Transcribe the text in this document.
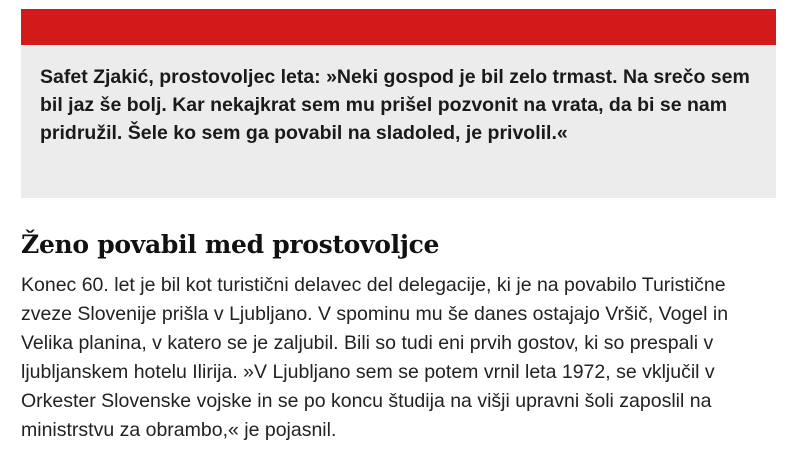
Safet Zjakić, prostovoljec leta: »Neki gospod je bil zelo trmast. Na srečo sem bil jaz še bolj. Kar nekajkrat sem mu prišel pozvonit na vrata, da bi se nam pridružil. Šele ko sem ga povabil na sladoled, je privolil.«

Ženo povabil med prostovoljce

Konec 60. let je bil kot turistični delavec del delegacije, ki je na povabilo Turistične zveze Slovenije prišla v Ljubljano. V spominu mu še danes ostajajo Vršič, Vogel in Velika planina, v katero se je zaljubil. Bili so tudi eni prvih gostov, ki so prespali v ljubljanskem hotelu Ilirija. »V Ljubljano sem se potem vrnil leta 1972, se vključil v Orkester Slovenske vojske in se po koncu študija na višji upravni šoli zaposlil na ministrstvu za obrambo,« je pojasnil.
